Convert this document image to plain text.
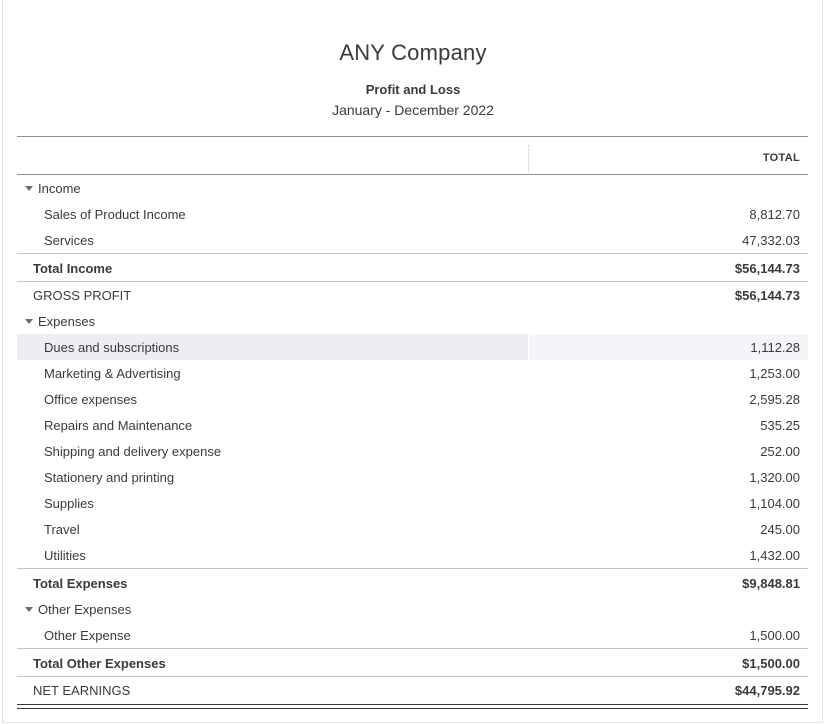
ANY Company
Profit and Loss
January - December 2022
TOTAL
Income
Sales of Product Income	8,812.70
Services	47,332.03
Total Income	$56,144.73
GROSS PROFIT	$56,144.73
Expenses
Dues and subscriptions	1,112.28
Marketing & Advertising	1,253.00
Office expenses	2,595.28
Repairs and Maintenance	535.25
Shipping and delivery expense	252.00
Stationery and printing	1,320.00
Supplies	1,104.00
Travel	245.00
Utilities	1,432.00
Total Expenses	$9,848.81
Other Expenses
Other Expense	1,500.00
Total Other Expenses	$1,500.00
NET EARNINGS	$44,795.92
